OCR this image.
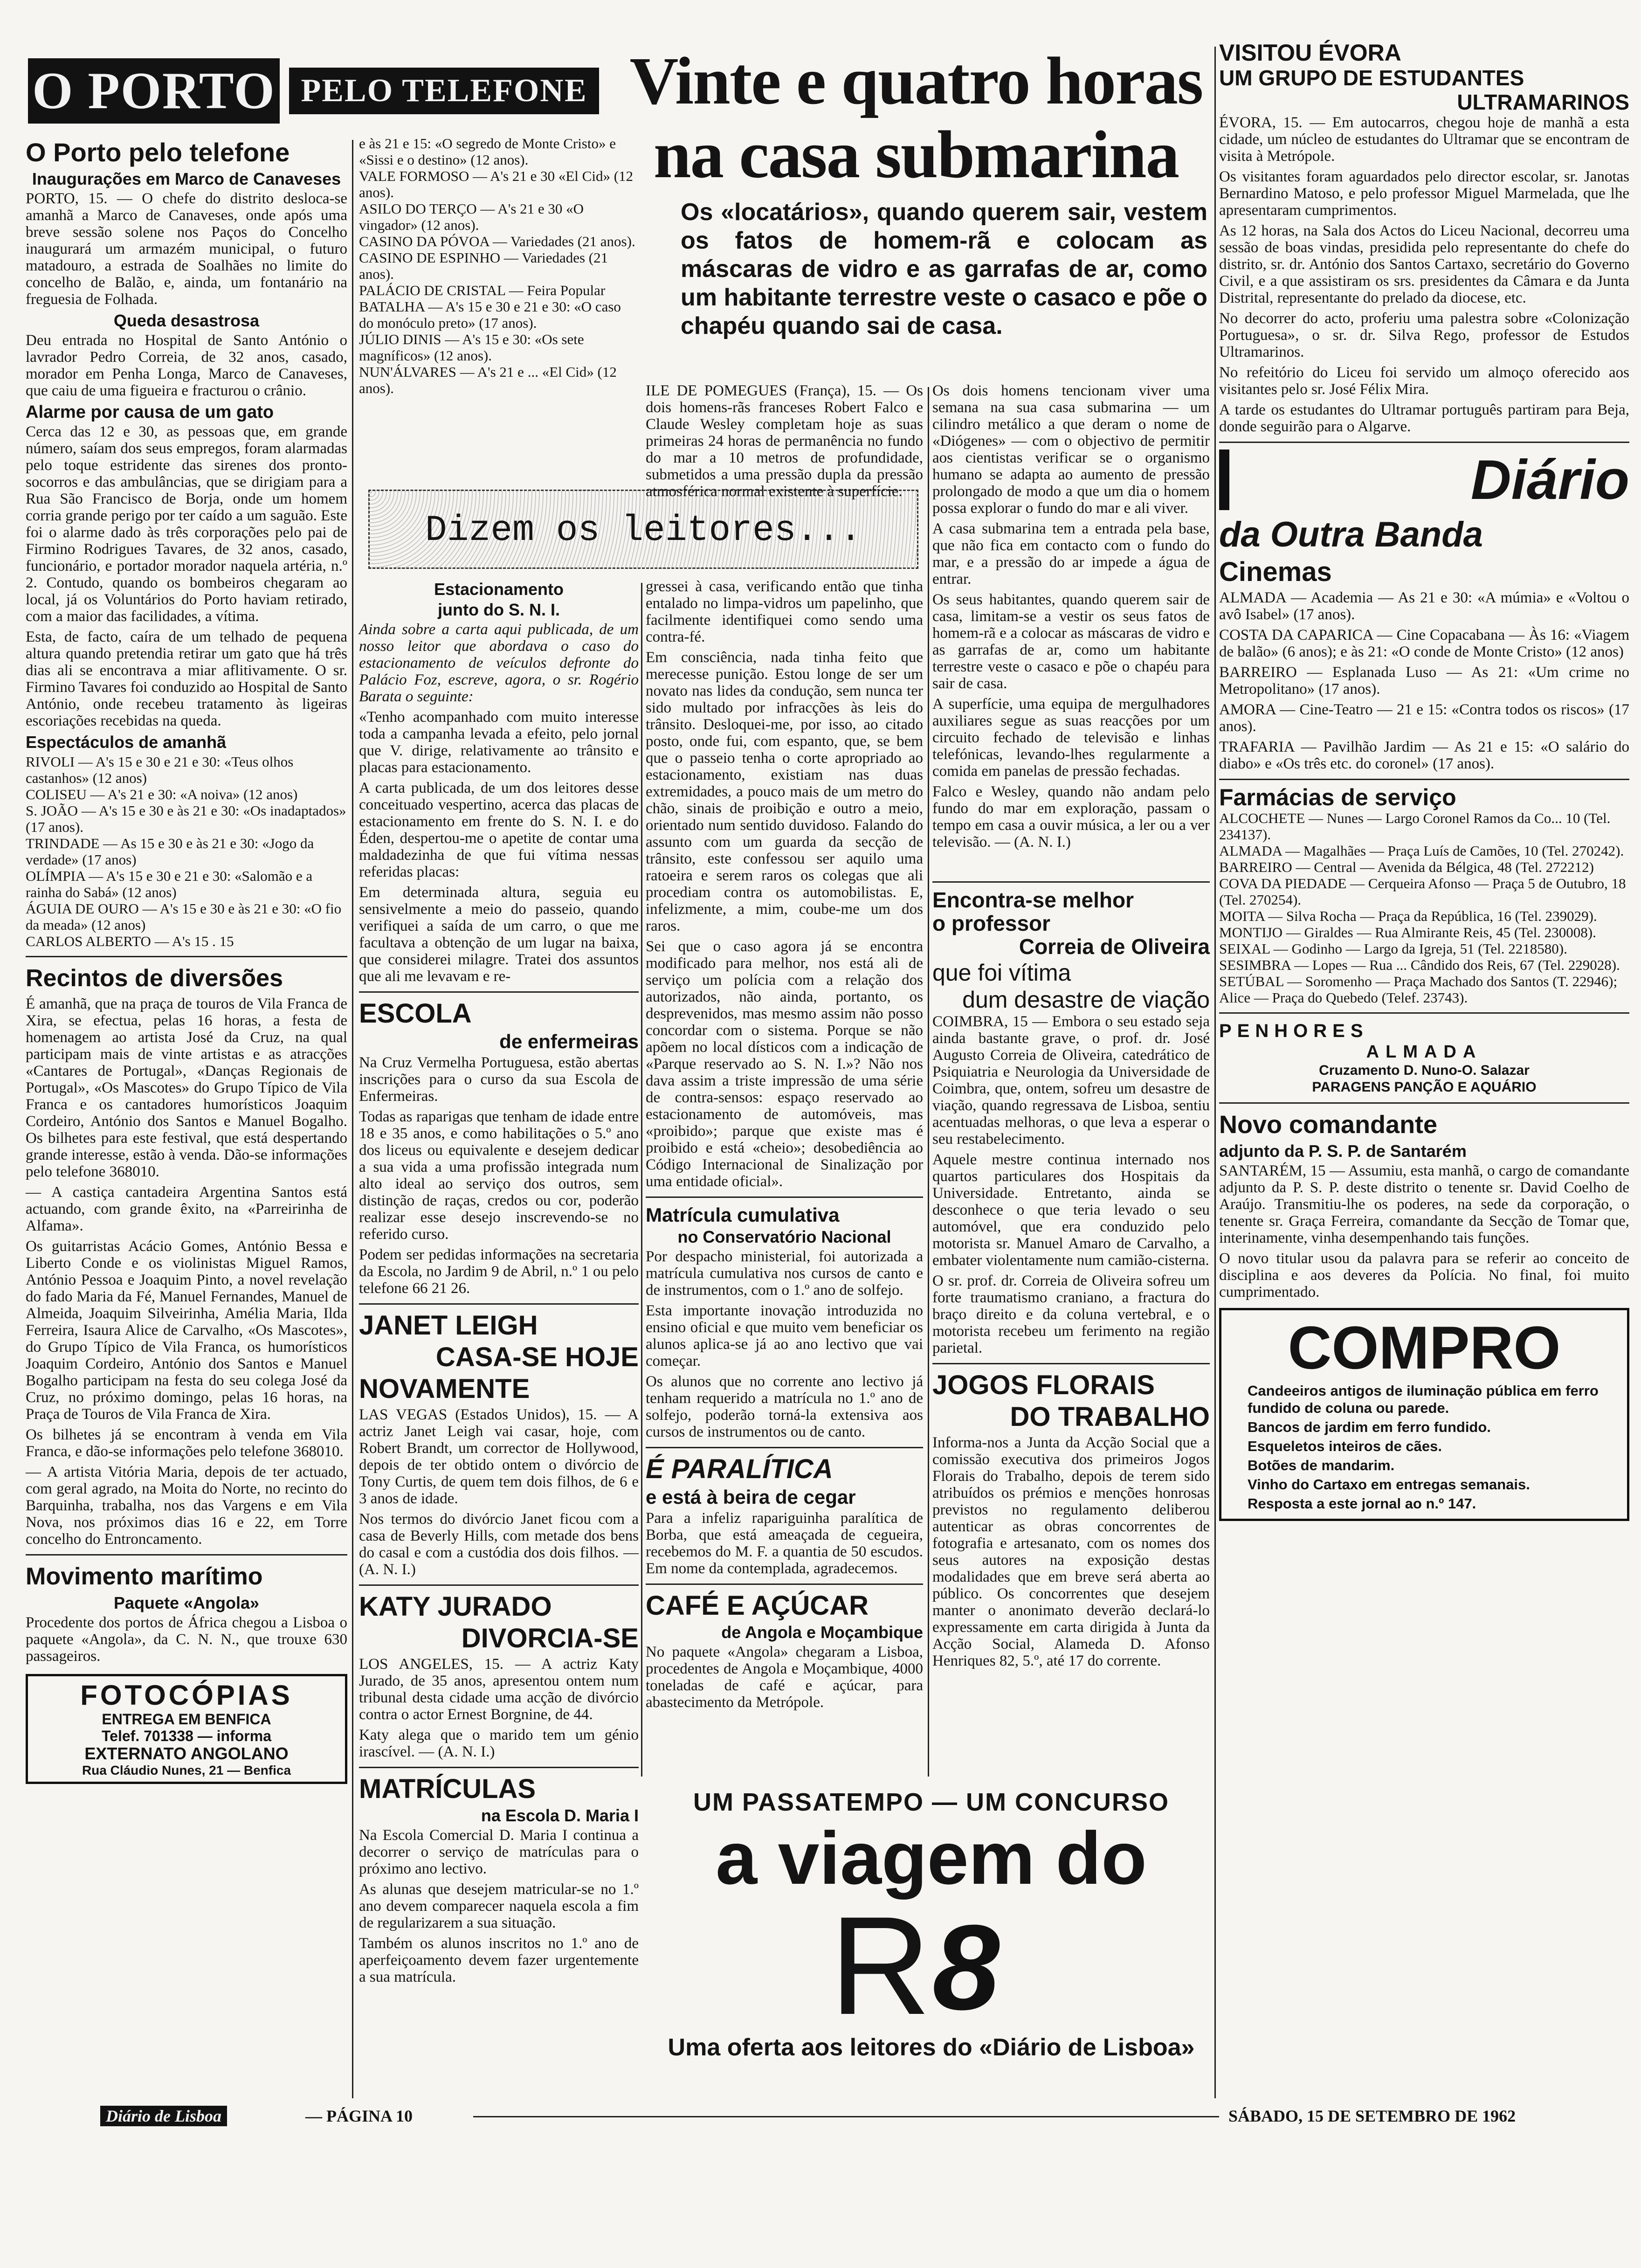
O PORTO PELO TELEFONE Vinte e quatro horas
na casa submarina
Os «locatários», quando querem sair, vestem os fatos de homem-rã e colocam as máscaras de vidro e as garrafas de ar, como um habitante terrestre veste o casaco e põe o chapéu quando sai de casa.
O Porto pelo telefone
Inaugurações em Marco de Canaveses

PORTO, 15. — O chefe do distrito desloca-se amanhã a Marco de Canaveses, onde após uma breve sessão solene nos Paços do Concelho inaugurará um armazém municipal, o futuro matadouro, a estrada de Soalhães no limite do concelho de Balão, e, ainda, um fontanário na freguesia de Folhada.

Queda desastrosa

Deu entrada no Hospital de Santo António o lavrador Pedro Correia, de 32 anos, casado, morador em Penha Longa, Marco de Canaveses, que caiu de uma figueira e fracturou o crânio.

Alarme por causa de um gato

Cerca das 12 e 30, as pessoas que, em grande número, saíam dos seus empregos, foram alarmadas pelo toque estridente das sirenes dos pronto-socorros e das ambulâncias, que se dirigiam para a Rua São Francisco de Borja, onde um homem corria grande perigo por ter caído a um saguão. Este foi o alarme dado às três corporações pelo pai de Firmino Rodrigues Tavares, de 32 anos, casado, funcionário, e portador morador naquela artéria, n.º 2. Contudo, quando os bombeiros chegaram ao local, já os Voluntários do Porto haviam retirado, com a maior das facilidades, a vítima.

Esta, de facto, caíra de um telhado de pequena altura quando pretendia retirar um gato que há três dias ali se encontrava a miar aflitivamente. O sr. Firmino Tavares foi conduzido ao Hospital de Santo António, onde recebeu tratamento às ligeiras escoriações recebidas na queda.

Espectáculos de amanhã

RIVOLI — A's 15 e 30 e 21 e 30: «Teus olhos castanhos» (12 anos)

COLISEU — A's 21 e 30: «A noiva» (12 anos)

S. JOÃO — A's 15 e 30 e às 21 e 30: «Os inadaptados» (17 anos).

TRINDADE — As 15 e 30 e às 21 e 30: «Jogo da verdade» (17 anos)

OLÍMPIA — A's 15 e 30 e 21 e 30: «Salomão e a rainha do Sabá» (12 anos)

ÁGUIA DE OURO — A's 15 e 30 e às 21 e 30: «O fio da meada» (12 anos)

CARLOS ALBERTO — A's 15 . 15

Recintos de diversões

É amanhã, que na praça de touros de Vila Franca de Xira, se efectua, pelas 16 horas, a festa de homenagem ao artista José da Cruz, na qual participam mais de vinte artistas e as atracções «Cantares de Portugal», «Danças Regionais de Portugal», «Os Mascotes» do Grupo Típico de Vila Franca e os cantadores humorísticos Joaquim Cordeiro, António dos Santos e Manuel Bogalho. Os bilhetes para este festival, que está despertando grande interesse, estão à venda. Dão-se informações pelo telefone 368010.

— A castiça cantadeira Argentina Santos está actuando, com grande êxito, na «Parreirinha de Alfama».

Os guitarristas Acácio Gomes, António Bessa e Liberto Conde e os violinistas Miguel Ramos, António Pessoa e Joaquim Pinto, a novel revelação do fado Maria da Fé, Manuel Fernandes, Manuel de Almeida, Joaquim Silveirinha, Amélia Maria, Ilda Ferreira, Isaura Alice de Carvalho, «Os Mascotes», do Grupo Típico de Vila Franca, os humorísticos Joaquim Cordeiro, António dos Santos e Manuel Bogalho participam na festa do seu colega José da Cruz, no próximo domingo, pelas 16 horas, na Praça de Touros de Vila Franca de Xira.

Os bilhetes já se encontram à venda em Vila Franca, e dão-se informações pelo telefone 368010.

— A artista Vitória Maria, depois de ter actuado, com geral agrado, na Moita do Norte, no recinto do Barquinha, trabalha, nos das Vargens e em Vila Nova, nos próximos dias 16 e 22, em Torre concelho do Entroncamento.

Movimento marítimo
Paquete «Angola»

Procedente dos portos de África chegou a Lisboa o paquete «Angola», da C. N. N., que trouxe 630 passageiros.

FOTOCÓPIAS
ENTREGA EM BENFICA
Telef. 701338 — informa
EXTERNATO ANGOLANO
Rua Cláudio Nunes, 21 — Benfica

e às 21 e 15: «O segredo de Monte Cristo» e «Sissi e o destino» (12 anos).

VALE FORMOSO — A's 21 e 30 «El Cid» (12 anos).

ASILO DO TERÇO — A's 21 e 30 «O vingador» (12 anos).

CASINO DA PÓVOA — Variedades (21 anos).

CASINO DE ESPINHO — Variedades (21 anos).

PALÁCIO DE CRISTAL — Feira Popular

BATALHA — A's 15 e 30 e 21 e 30: «O caso do monóculo preto» (17 anos).

JÚLIO DINIS — A's 15 e 30: «Os sete magníficos» (12 anos).

NUN'ÁLVARES — A's 21 e ... «El Cid» (12 anos).

Dizem os leitores...
Estacionamento
junto do S. N. I.

Ainda sobre a carta aqui publicada, de um nosso leitor que abordava o caso do estacionamento de veículos defronte do Palácio Foz, escreve, agora, o sr. Rogério Barata o seguinte:

«Tenho acompanhado com muito interesse toda a campanha levada a efeito, pelo jornal que V. dirige, relativamente ao trânsito e placas para estacionamento.

A carta publicada, de um dos leitores desse conceituado vespertino, acerca das placas de estacionamento em frente do S. N. I. e do Éden, despertou-me o apetite de contar uma maldadezinha de que fui vítima nessas referidas placas:

Em determinada altura, seguia eu sensivelmente a meio do passeio, quando verifiquei a saída de um carro, o que me facultava a obtenção de um lugar na baixa, que considerei milagre. Tratei dos assuntos que ali me levavam e re-

ESCOLA
de enfermeiras

Na Cruz Vermelha Portuguesa, estão abertas inscrições para o curso da sua Escola de Enfermeiras.

Todas as raparigas que tenham de idade entre 18 e 35 anos, e como habilitações o 5.º ano dos liceus ou equivalente e desejem dedicar a sua vida a uma profissão integrada num alto ideal ao serviço dos outros, sem distinção de raças, credos ou cor, poderão realizar esse desejo inscrevendo-se no referido curso.

Podem ser pedidas informações na secretaria da Escola, no Jardim 9 de Abril, n.º 1 ou pelo telefone 66 21 26.

JANET LEIGH
CASA-SE HOJE
NOVAMENTE

LAS VEGAS (Estados Unidos), 15. — A actriz Janet Leigh vai casar, hoje, com Robert Brandt, um corrector de Hollywood, depois de ter obtido ontem o divórcio de Tony Curtis, de quem tem dois filhos, de 6 e 3 anos de idade.

Nos termos do divórcio Janet ficou com a casa de Beverly Hills, com metade dos bens do casal e com a custódia dos dois filhos. — (A. N. I.)

KATY JURADO
DIVORCIA-SE

LOS ANGELES, 15. — A actriz Katy Jurado, de 35 anos, apresentou ontem num tribunal desta cidade uma acção de divórcio contra o actor Ernest Borgnine, de 44.

Katy alega que o marido tem um génio irascível. — (A. N. I.)

MATRÍCULAS
na Escola D. Maria I

Na Escola Comercial D. Maria I continua a decorrer o serviço de matrículas para o próximo ano lectivo.

As alunas que desejem matricular-se no 1.º ano devem comparecer naquela escola a fim de regularizarem a sua situação.

Também os alunos inscritos no 1.º ano de aperfeiçoamento devem fazer urgentemente a sua matrícula.

gressei à casa, verificando então que tinha entalado no limpa-vidros um papelinho, que facilmente identifiquei como sendo uma contra-fé.

Em consciência, nada tinha feito que merecesse punição. Estou longe de ser um novato nas lides da condução, sem nunca ter sido multado por infracções às leis do trânsito. Desloquei-me, por isso, ao citado posto, onde fui, com espanto, que, se bem que o passeio tenha o corte apropriado ao estacionamento, existiam nas duas extremidades, a pouco mais de um metro do chão, sinais de proibição e outro a meio, orientado num sentido duvidoso. Falando do assunto com um guarda da secção de trânsito, este confessou ser aquilo uma ratoeira e serem raros os colegas que ali procediam contra os automobilistas. E, infelizmente, a mim, coube-me um dos raros.

Sei que o caso agora já se encontra modificado para melhor, nos está ali de serviço um polícia com a relação dos autorizados, não ainda, portanto, os desprevenidos, mas mesmo assim não posso concordar com o sistema. Porque se não apõem no local dísticos com a indicação de «Parque reservado ao S. N. I.»? Não nos dava assim a triste impressão de uma série de contra-sensos: espaço reservado ao estacionamento de automóveis, mas «proibido»; parque que existe mas é proibido e está «cheio»; desobediência ao Código Internacional de Sinalização por uma entidade oficial».

Matrícula cumulativa
no Conservatório Nacional

Por despacho ministerial, foi autorizada a matrícula cumulativa nos cursos de canto e de instrumentos, com o 1.º ano de solfejo.

Esta importante inovação introduzida no ensino oficial e que muito vem beneficiar os alunos aplica-se já ao ano lectivo que vai começar.

Os alunos que no corrente ano lectivo já tenham requerido a matrícula no 1.º ano de solfejo, poderão torná-la extensiva aos cursos de instrumentos ou de canto.

É PARALÍTICA
e está à beira de cegar

Para a infeliz rapariguinha paralítica de Borba, que está ameaçada de cegueira, recebemos do M. F. a quantia de 50 escudos. Em nome da contemplada, agradecemos.

CAFÉ E AÇÚCAR
de Angola e Moçambique

No paquete «Angola» chegaram a Lisboa, procedentes de Angola e Moçambique, 4000 toneladas de café e açúcar, para abastecimento da Metrópole.

ILE DE POMEGUES (França), 15. — Os dois homens-rãs franceses Robert Falco e Claude Wesley completam hoje as suas primeiras 24 horas de permanência no fundo do mar a 10 metros de profundidade, submetidos a uma pressão dupla da pressão atmosférica normal existente à superfície.

Os dois homens tencionam viver uma semana na sua casa submarina — um cilindro metálico a que deram o nome de «Diógenes» — com o objectivo de permitir aos cientistas verificar se o organismo humano se adapta ao aumento de pressão prolongado de modo a que um dia o homem possa explorar o fundo do mar e ali viver.

A casa submarina tem a entrada pela base, que não fica em contacto com o fundo do mar, e a pressão do ar impede a água de entrar.

Os seus habitantes, quando querem sair de casa, limitam-se a vestir os seus fatos de homem-rã e a colocar as máscaras de vidro e as garrafas de ar, como um habitante terrestre veste o casaco e põe o chapéu para sair de casa.

A superfície, uma equipa de mergulhadores auxiliares segue as suas reacções por um circuito fechado de televisão e linhas telefónicas, levando-lhes regularmente a comida em panelas de pressão fechadas.

Falco e Wesley, quando não andam pelo fundo do mar em exploração, passam o tempo em casa a ouvir música, a ler ou a ver televisão. — (A. N. I.)

Encontra-se melhor
o professor
Correia de Oliveira
que foi vítima
dum desastre de viação

COIMBRA, 15 — Embora o seu estado seja ainda bastante grave, o prof. dr. José Augusto Correia de Oliveira, catedrático de Psiquiatria e Neurologia da Universidade de Coimbra, que, ontem, sofreu um desastre de viação, quando regressava de Lisboa, sentiu acentuadas melhoras, o que leva a esperar o seu restabelecimento.

Aquele mestre continua internado nos quartos particulares dos Hospitais da Universidade. Entretanto, ainda se desconhece o que teria levado o seu automóvel, que era conduzido pelo motorista sr. Manuel Amaro de Carvalho, a embater violentamente num camião-cisterna.

O sr. prof. dr. Correia de Oliveira sofreu um forte traumatismo craniano, a fractura do braço direito e da coluna vertebral, e o motorista recebeu um ferimento na região parietal.

JOGOS FLORAIS
DO TRABALHO

Informa-nos a Junta da Acção Social que a comissão executiva dos primeiros Jogos Florais do Trabalho, depois de terem sido atribuídos os prémios e menções honrosas previstos no regulamento deliberou autenticar as obras concorrentes de fotografia e artesanato, com os nomes dos seus autores na exposição destas modalidades que em breve será aberta ao público. Os concorrentes que desejem manter o anonimato deverão declará-lo expressamente em carta dirigida à Junta da Acção Social, Alameda D. Afonso Henriques 82, 5.º, até 17 do corrente.

UM PASSATEMPO — UM CONCURSO
a viagem do
R 8
Uma oferta aos leitores do «Diário de Lisboa»
VISITOU ÉVORA
UM GRUPO DE ESTUDANTES
ULTRAMARINOS

ÉVORA, 15. — Em autocarros, chegou hoje de manhã a esta cidade, um núcleo de estudantes do Ultramar que se encontram de visita à Metrópole.

Os visitantes foram aguardados pelo director escolar, sr. Janotas Bernardino Matoso, e pelo professor Miguel Marmelada, que lhe apresentaram cumprimentos.

As 12 horas, na Sala dos Actos do Liceu Nacional, decorreu uma sessão de boas vindas, presidida pelo representante do chefe do distrito, sr. dr. António dos Santos Cartaxo, secretário do Governo Civil, e a que assistiram os srs. presidentes da Câmara e da Junta Distrital, representante do prelado da diocese, etc.

No decorrer do acto, proferiu uma palestra sobre «Colonização Portuguesa», o sr. dr. Silva Rego, professor de Estudos Ultramarinos.

No refeitório do Liceu foi servido um almoço oferecido aos visitantes pelo sr. José Félix Mira.

A tarde os estudantes do Ultramar português partiram para Beja, donde seguirão para o Algarve.

Diário
da Outra Banda
Cinemas

ALMADA — Academia — As 21 e 30: «A múmia» e «Voltou o avô Isabel» (17 anos).

COSTA DA CAPARICA — Cine Copacabana — Às 16: «Viagem de balão» (6 anos); e às 21: «O conde de Monte Cristo» (12 anos)

BARREIRO — Esplanada Luso — As 21: «Um crime no Metropolitano» (17 anos).

AMORA — Cine-Teatro — 21 e 15: «Contra todos os riscos» (17 anos).

TRAFARIA — Pavilhão Jardim — As 21 e 15: «O salário do diabo» e «Os três etc. do coronel» (17 anos).

Farmácias de serviço

ALCOCHETE — Nunes — Largo Coronel Ramos da Co... 10 (Tel. 234137).

ALMADA — Magalhães — Praça Luís de Camões, 10 (Tel. 270242).

BARREIRO — Central — Avenida da Bélgica, 48 (Tel. 272212)

COVA DA PIEDADE — Cerqueira Afonso — Praça 5 de Outubro, 18 (Tel. 270254).

MOITA — Silva Rocha — Praça da República, 16 (Tel. 239029).

MONTIJO — Giraldes — Rua Almirante Reis, 45 (Tel. 230008).

SEIXAL — Godinho — Largo da Igreja, 51 (Tel. 2218580).

SESIMBRA — Lopes — Rua ... Cândido dos Reis, 67 (Tel. 229028).

SETÚBAL — Soromenho — Praça Machado dos Santos (T. 22946); Alice — Praça do Quebedo (Telef. 23743).

PENHORES
ALMADA
Cruzamento D. Nuno-O. Salazar
PARAGENS PANÇÃO E AQUÁRIO
Novo comandante
adjunto da P. S. P. de Santarém

SANTARÉM, 15 — Assumiu, esta manhã, o cargo de comandante adjunto da P. S. P. deste distrito o tenente sr. David Coelho de Araújo. Transmitiu-lhe os poderes, na sede da corporação, o tenente sr. Graça Ferreira, comandante da Secção de Tomar que, interinamente, vinha desempenhando tais funções.

O novo titular usou da palavra para se referir ao conceito de disciplina e aos deveres da Polícia. No final, foi muito cumprimentado.

COMPRO

Candeeiros antigos de iluminação pública em ferro fundido de coluna ou parede.

Bancos de jardim em ferro fundido.

Esqueletos inteiros de cães.

Botões de mandarim.

Vinho do Cartaxo em entregas semanais.

Resposta a este jornal ao n.º 147.

Diário de Lisboa	— PÁGINA 10	SÁBADO, 15 DE SETEMBRO DE 1962
